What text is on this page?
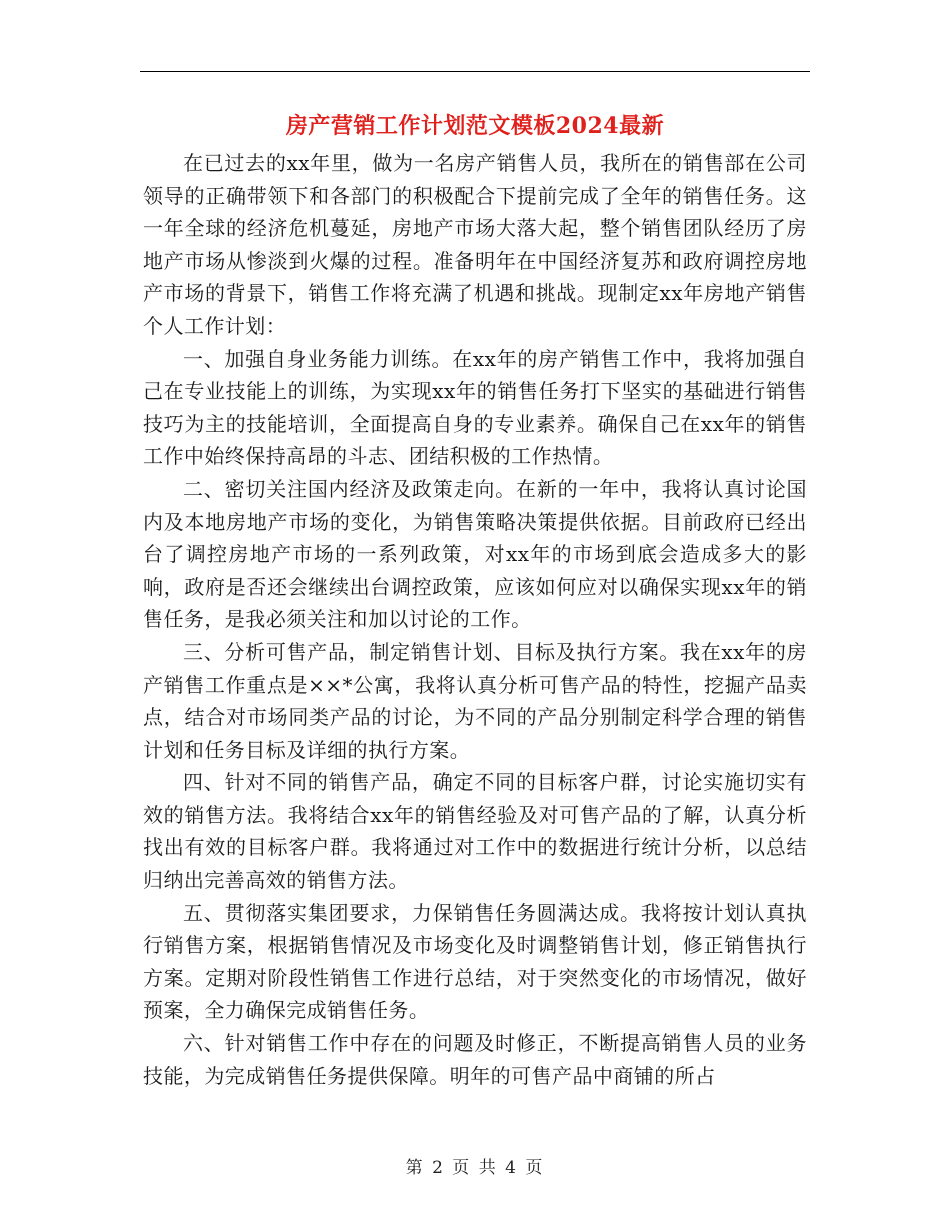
房产营销工作计划范文模板2024最新

在已过去的xx年里，做为一名房产销售人员，我所在的销售部在公司领导的正确带领下和各部门的积极配合下提前完成了全年的销售任务。这一年全球的经济危机蔓延，房地产市场大落大起，整个销售团队经历了房地产市场从惨淡到火爆的过程。准备明年在中国经济复苏和政府调控房地产市场的背景下，销售工作将充满了机遇和挑战。现制定xx年房地产销售个人工作计划：

一、加强自身业务能力训练。在xx年的房产销售工作中，我将加强自己在专业技能上的训练，为实现xx年的销售任务打下坚实的基础进行销售技巧为主的技能培训，全面提高自身的专业素养。确保自己在xx年的销售工作中始终保持高昂的斗志、团结积极的工作热情。

二、密切关注国内经济及政策走向。在新的一年中，我将认真讨论国内及本地房地产市场的变化，为销售策略决策提供依据。目前政府已经出台了调控房地产市场的一系列政策，对xx年的市场到底会造成多大的影响，政府是否还会继续出台调控政策，应该如何应对以确保实现xx年的销售任务，是我必须关注和加以讨论的工作。

三、分析可售产品，制定销售计划、目标及执行方案。我在xx年的房产销售工作重点是××*公寓，我将认真分析可售产品的特性，挖掘产品卖点，结合对市场同类产品的讨论，为不同的产品分别制定科学合理的销售计划和任务目标及详细的执行方案。

四、针对不同的销售产品，确定不同的目标客户群，讨论实施切实有效的销售方法。我将结合xx年的销售经验及对可售产品的了解，认真分析找出有效的目标客户群。我将通过对工作中的数据进行统计分析，以总结归纳出完善高效的销售方法。

五、贯彻落实集团要求，力保销售任务圆满达成。我将按计划认真执行销售方案，根据销售情况及市场变化及时调整销售计划，修正销售执行方案。定期对阶段性销售工作进行总结，对于突然变化的市场情况，做好预案，全力确保完成销售任务。

六、针对销售工作中存在的问题及时修正，不断提高销售人员的业务技能，为完成销售任务提供保障。明年的可售产品中商铺的所占

第 2 页 共 4 页
